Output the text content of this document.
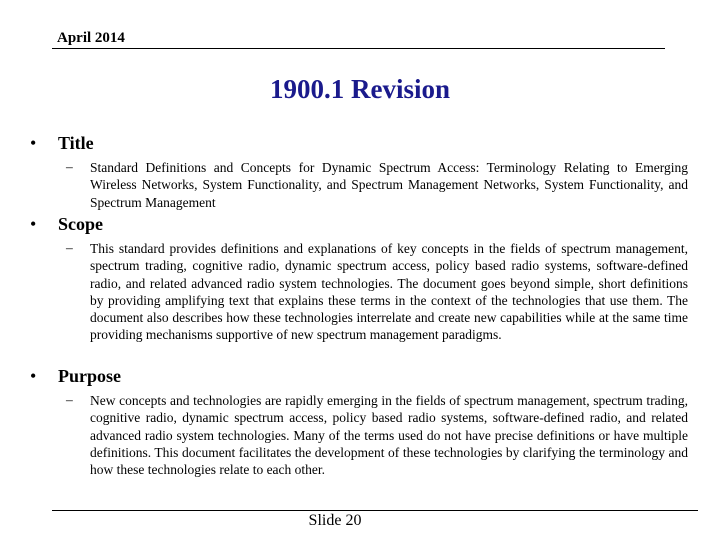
April 2014
1900.1 Revision
• Title
– Standard Definitions and Concepts for Dynamic Spectrum Access: Terminology Relating to Emerging Wireless Networks, System Functionality, and Spectrum Management Networks, System Functionality, and Spectrum Management
• Scope
– This standard provides definitions and explanations of key concepts in the fields of spectrum management, spectrum trading, cognitive radio, dynamic spectrum access, policy based radio systems, software-defined radio, and related advanced radio system technologies. The document goes beyond simple, short definitions by providing amplifying text that explains these terms in the context of the technologies that use them. The document also describes how these technologies interrelate and create new capabilities while at the same time providing mechanisms supportive of new spectrum management paradigms.
• Purpose
– New concepts and technologies are rapidly emerging in the fields of spectrum management, spectrum trading, cognitive radio, dynamic spectrum access, policy based radio systems, software-defined radio, and related advanced radio system technologies. Many of the terms used do not have precise definitions or have multiple definitions. This document facilitates the development of these technologies by clarifying the terminology and how these technologies relate to each other.
Slide 20
